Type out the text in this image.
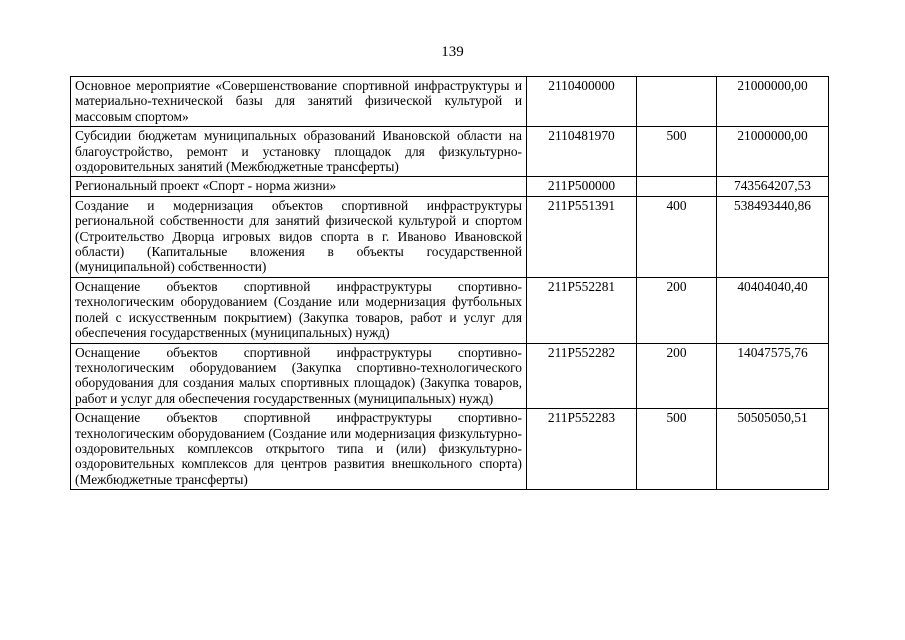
139
Основное мероприятие «Совершенствование спортивной инфраструктуры и материально-технической базы для занятий физической культурой и массовым спортом»	2110400000		21000000,00
Субсидии бюджетам муниципальных образований Ивановской области на благоустройство, ремонт и установку площадок для физкультурно-оздоровительных занятий (Межбюджетные трансферты)	2110481970	500	21000000,00
Региональный проект «Спорт - норма жизни»	211P500000		743564207,53
Создание и модернизация объектов спортивной инфраструктуры региональной собственности для занятий физической культурой и спортом (Строительство Дворца игровых видов спорта в г. Иваново Ивановской области) (Капитальные вложения в объекты государственной (муниципальной) собственности)	211P551391	400	538493440,86
Оснащение объектов спортивной инфраструктуры спортивно-технологическим оборудованием (Создание или модернизация футбольных полей с искусственным покрытием) (Закупка товаров, работ и услуг для обеспечения государственных (муниципальных) нужд)	211P552281	200	40404040,40
Оснащение объектов спортивной инфраструктуры спортивно-технологическим оборудованием (Закупка спортивно-технологического оборудования для создания малых спортивных площадок) (Закупка товаров, работ и услуг для обеспечения государственных (муниципальных) нужд)	211P552282	200	14047575,76
Оснащение объектов спортивной инфраструктуры спортивно-технологическим оборудованием (Создание или модернизация физкультурно-оздоровительных комплексов открытого типа и (или) физкультурно-оздоровительных комплексов для центров развития внешкольного спорта) (Межбюджетные трансферты)	211P552283	500	50505050,51
